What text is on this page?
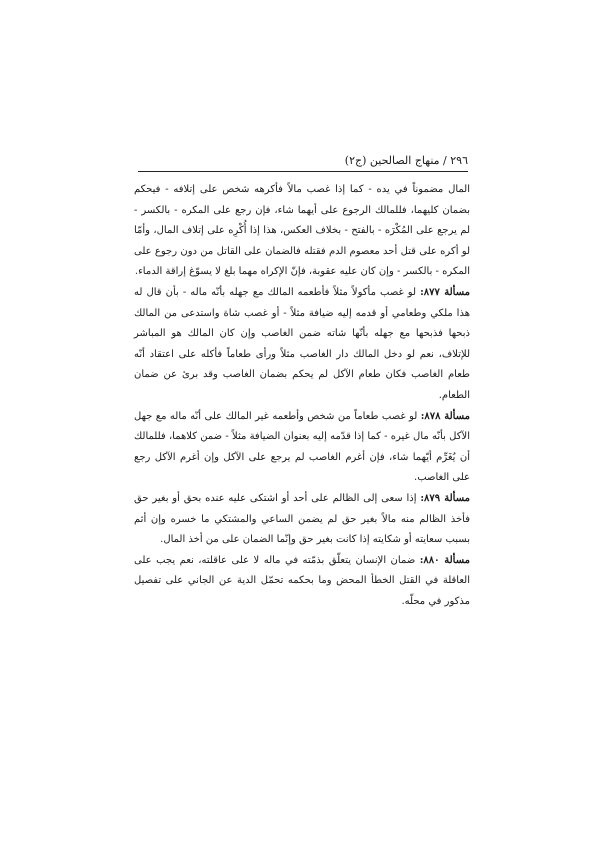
٢٩٦ / منهاج الصالحين (ج٢)

المال مضموناً في يده - كما إذا غصب مالاً فأكرهه شخص على إتلافه - فيحكم بضمان كليهما، فللمالك الرجوع على أيهما شاء، فإن رجع على المكره - بالكسر - لم يرجع على المُكْرَه - بالفتح - بخلاف العكس، هذا إذا أُكْرِه على إتلاف المال، وأمّا لو أكره على قتل أحد معصوم الدم فقتله فالضمان على القاتل من دون رجوع على المكره - بالكسر - وإن كان عليه عقوبة، فإنّ الإكراه مهما بلغ لا يسوّغ إراقة الدماء.

مسألة ٨٧٧: لو غصب مأكولاً مثلاً فأطعمه المالك مع جهله بأنّه ماله - بأن قال له هذا ملكي وطعامي أو قدمه إليه ضيافة مثلاً - أو غصب شاة واستدعى من المالك ذبحها فذبحها مع جهله بأنّها شاته ضمن الغاصب وإن كان المالك هو المباشر للإتلاف، نعم لو دخل المالك دار الغاصب مثلاً ورأى طعاماً فأكله على اعتقاد أنّه طعام الغاصب فكان طعام الآكل لم يحكم بضمان الغاصب وقد برئ عن ضمان الطعام.

مسألة ٨٧٨: لو غصب طعاماً من شخص وأطعمه غير المالك على أنّه ماله مع جهل الآكل بأنّه مال غيره - كما إذا قدّمه إليه بعنوان الضيافة مثلاً - ضمن كلاهما، فللمالك أن يُغَرِّم أيّهما شاء، فإن أغرم الغاصب لم يرجع على الآكل وإن أغرم الآكل رجع على الغاصب.

مسألة ٨٧٩: إذا سعى إلى الظالم على أحد أو اشتكى عليه عنده بحق أو بغير حق فأخذ الظالم منه مالاً بغير حق لم يضمن الساعي والمشتكي ما خسره وإن أثم بسبب سعايته أو شكايته إذا كانت بغير حق وإنّما الضمان على من أخذ المال.

مسألة ٨٨٠: ضمان الإنسان يتعلّق بذمّته في ماله لا على عاقلته، نعم يجب على العاقلة في القتل الخطأ المحض وما بحكمه تحمّل الدية عن الجاني على تفصيل مذكور في محلّه.
